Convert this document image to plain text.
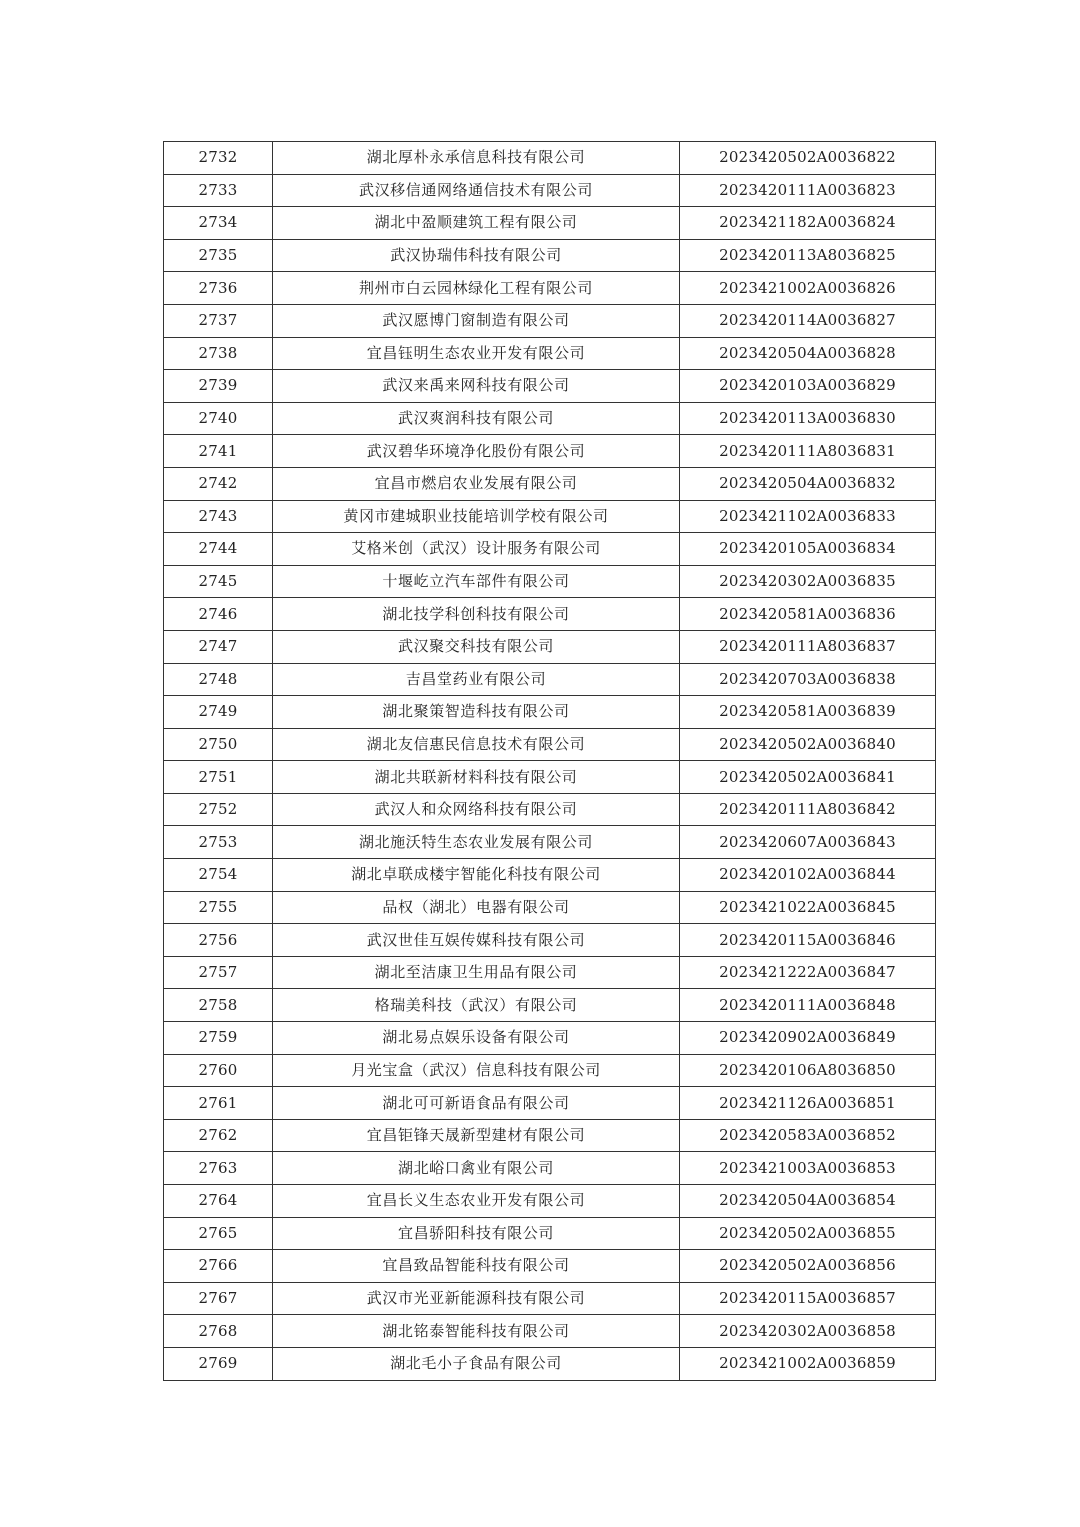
2732	湖北厚朴永承信息科技有限公司	2023420502A0036822
2733	武汉移信通网络通信技术有限公司	2023420111A0036823
2734	湖北中盈顺建筑工程有限公司	2023421182A0036824
2735	武汉协瑞伟科技有限公司	2023420113A8036825
2736	荆州市白云园林绿化工程有限公司	2023421002A0036826
2737	武汉愿博门窗制造有限公司	2023420114A0036827
2738	宜昌钰明生态农业开发有限公司	2023420504A0036828
2739	武汉来禹来网科技有限公司	2023420103A0036829
2740	武汉爽润科技有限公司	2023420113A0036830
2741	武汉碧华环境净化股份有限公司	2023420111A8036831
2742	宜昌市燃启农业发展有限公司	2023420504A0036832
2743	黄冈市建城职业技能培训学校有限公司	2023421102A0036833
2744	艾格米创（武汉）设计服务有限公司	2023420105A0036834
2745	十堰屹立汽车部件有限公司	2023420302A0036835
2746	湖北技学科创科技有限公司	2023420581A0036836
2747	武汉聚交科技有限公司	2023420111A8036837
2748	吉昌堂药业有限公司	2023420703A0036838
2749	湖北聚策智造科技有限公司	2023420581A0036839
2750	湖北友信惠民信息技术有限公司	2023420502A0036840
2751	湖北共联新材料科技有限公司	2023420502A0036841
2752	武汉人和众网络科技有限公司	2023420111A8036842
2753	湖北施沃特生态农业发展有限公司	2023420607A0036843
2754	湖北卓联成楼宇智能化科技有限公司	2023420102A0036844
2755	品权（湖北）电器有限公司	2023421022A0036845
2756	武汉世佳互娱传媒科技有限公司	2023420115A0036846
2757	湖北至洁康卫生用品有限公司	2023421222A0036847
2758	格瑞美科技（武汉）有限公司	2023420111A0036848
2759	湖北易点娱乐设备有限公司	2023420902A0036849
2760	月光宝盒（武汉）信息科技有限公司	2023420106A8036850
2761	湖北可可新语食品有限公司	2023421126A0036851
2762	宜昌钜锋天晟新型建材有限公司	2023420583A0036852
2763	湖北峪口禽业有限公司	2023421003A0036853
2764	宜昌长义生态农业开发有限公司	2023420504A0036854
2765	宜昌骄阳科技有限公司	2023420502A0036855
2766	宜昌致品智能科技有限公司	2023420502A0036856
2767	武汉市光亚新能源科技有限公司	2023420115A0036857
2768	湖北铭泰智能科技有限公司	2023420302A0036858
2769	湖北毛小子食品有限公司	2023421002A0036859
